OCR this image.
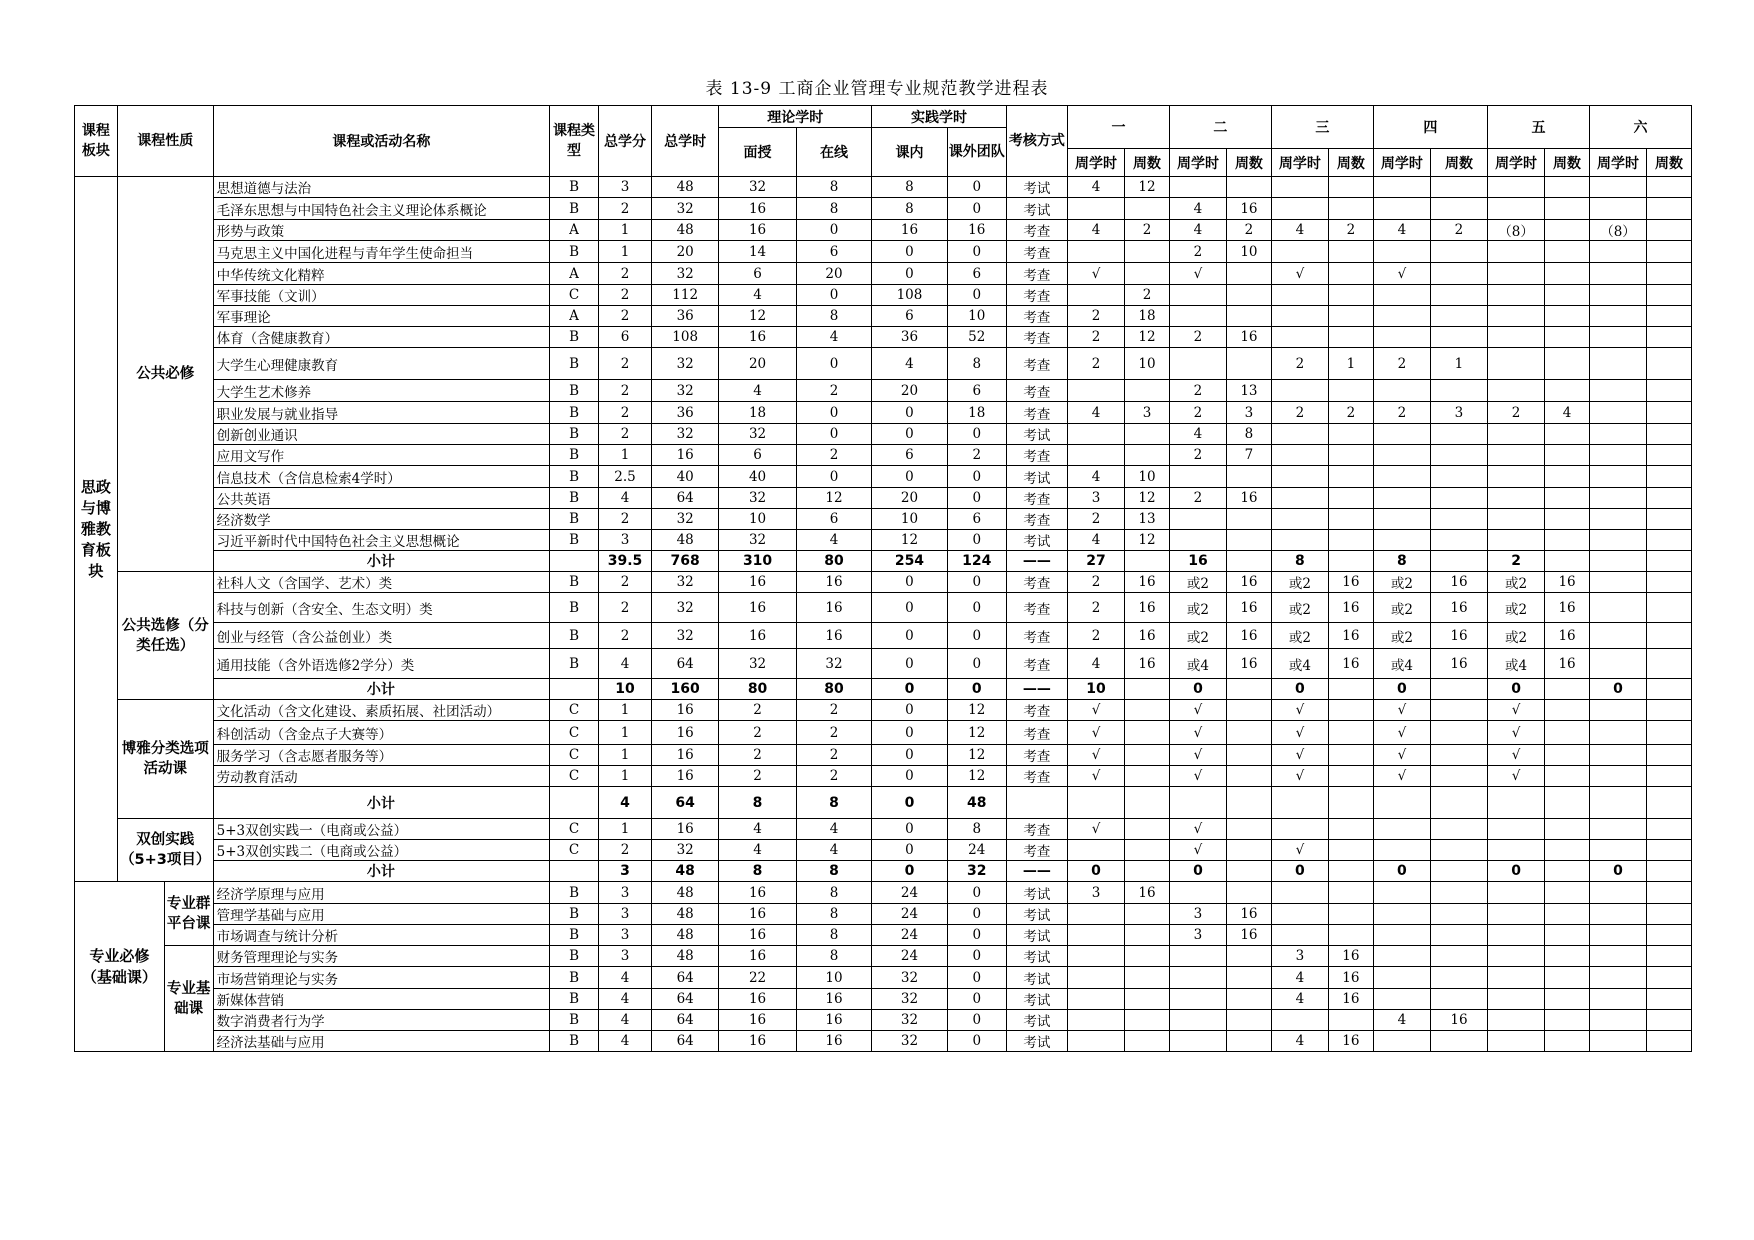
表 13-9 工商企业管理专业规范教学进程表
课程板块	课程性质		课程或活动名称	课程类型	总学分	总学时	理论学时		实践学时		考核方式	一		二		三		四		五		六	
							面授	在线	课内	课外团队													
												周学时	周数	周学时	周数	周学时	周数	周学时	周数	周学时	周数	周学时	周数
思政与博雅教育板块	公共必修		思想道德与法治	B	3	48	32	8	8	0	考试	4	12										
			毛泽东思想与中国特色社会主义理论体系概论	B	2	32	16	8	8	0	考试			4	16								
			形势与政策	A	1	48	16	0	16	16	考查	4	2	4	2	4	2	4	2	（8）		（8）	
			马克思主义中国化进程与青年学生使命担当	B	1	20	14	6	0	0	考查			2	10								
			中华传统文化精粹	A	2	32	6	20	0	6	考查	√		√		√		√					
			军事技能（文训）	C	2	112	4	0	108	0	考查		2										
			军事理论	A	2	36	12	8	6	10	考查	2	18										
			体育（含健康教育）	B	6	108	16	4	36	52	考查	2	12	2	16								
			大学生心理健康教育	B	2	32	20	0	4	8	考查	2	10			2	1	2	1				
			大学生艺术修养	B	2	32	4	2	20	6	考查			2	13								
			职业发展与就业指导	B	2	36	18	0	0	18	考查	4	3	2	3	2	2	2	3	2	4		
			创新创业通识	B	2	32	32	0	0	0	考试			4	8								
			应用文写作	B	1	16	6	2	6	2	考查			2	7								
			信息技术（含信息检索4学时）	B	2.5	40	40	0	0	0	考试	4	10										
			公共英语	B	4	64	32	12	20	0	考查	3	12	2	16								
			经济数学	B	2	32	10	6	10	6	考查	2	13										
			习近平新时代中国特色社会主义思想概论	B	3	48	32	4	12	0	考试	4	12										
			小计		39.5	768	310	80	254	124	——	27		16		8		8		2			
	公共选修（分类任选）		社科人文（含国学、艺术）类	B	2	32	16	16	0	0	考查	2	16	或2	16	或2	16	或2	16	或2	16		
			科技与创新（含安全、生态文明）类	B	2	32	16	16	0	0	考查	2	16	或2	16	或2	16	或2	16	或2	16		
			创业与经管（含公益创业）类	B	2	32	16	16	0	0	考查	2	16	或2	16	或2	16	或2	16	或2	16		
			通用技能（含外语选修2学分）类	B	4	64	32	32	0	0	考查	4	16	或4	16	或4	16	或4	16	或4	16		
			小计		10	160	80	80	0	0	——	10		0		0		0		0		0	
	博雅分类选项活动课		文化活动（含文化建设、素质拓展、社团活动）	C	1	16	2	2	0	12	考查	√		√		√		√		√			
			科创活动（含金点子大赛等）	C	1	16	2	2	0	12	考查	√		√		√		√		√			
			服务学习（含志愿者服务等）	C	1	16	2	2	0	12	考查	√		√		√		√		√			
			劳动教育活动	C	1	16	2	2	0	12	考查	√		√		√		√		√			
			小计		4	64	8	8	0	48													
	双创实践（5+3项目）		5+3双创实践一（电商或公益）	C	1	16	4	4	0	8	考查	√		√									
			5+3双创实践二（电商或公益）	C	2	32	4	4	0	24	考查			√		√							
			小计		3	48	8	8	0	32	——	0		0		0		0		0		0	
专业必修（基础课）		专业群平台课	经济学原理与应用	B	3	48	16	8	24	0	考试	3	16										
			管理学基础与应用	B	3	48	16	8	24	0	考试			3	16								
			市场调查与统计分析	B	3	48	16	8	24	0	考试			3	16								
		专业基础课	财务管理理论与实务	B	3	48	16	8	24	0	考试					3	16						
			市场营销理论与实务	B	4	64	22	10	32	0	考试					4	16						
			新媒体营销	B	4	64	16	16	32	0	考试					4	16						
			数字消费者行为学	B	4	64	16	16	32	0	考试							4	16				
			经济法基础与应用	B	4	64	16	16	32	0	考试					4	16						
